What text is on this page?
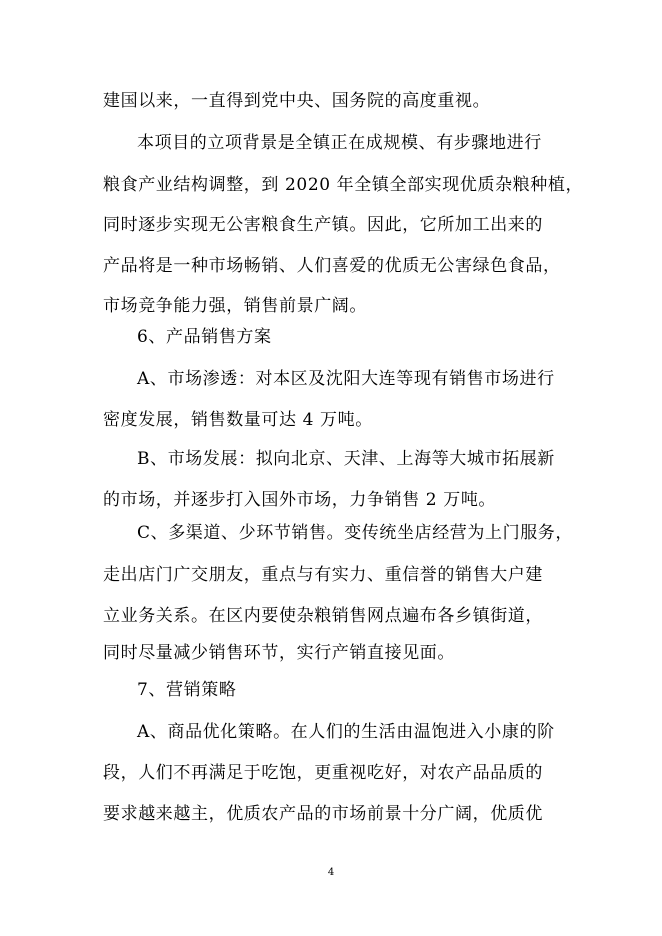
建国以来，一直得到党中央、国务院的高度重视。
本项目的立项背景是全镇正在成规模、有步骤地进行
粮食产业结构调整，到 2020 年全镇全部实现优质杂粮种植，
同时逐步实现无公害粮食生产镇。因此，它所加工出来的
产品将是一种市场畅销、人们喜爱的优质无公害绿色食品，
市场竞争能力强，销售前景广阔。
6、产品销售方案
A、市场渗透：对本区及沈阳大连等现有销售市场进行
密度发展，销售数量可达 4 万吨。
B、市场发展：拟向北京、天津、上海等大城市拓展新
的市场，并逐步打入国外市场，力争销售 2 万吨。
C、多渠道、少环节销售。变传统坐店经营为上门服务，
走出店门广交朋友，重点与有实力、重信誉的销售大户建
立业务关系。在区内要使杂粮销售网点遍布各乡镇街道，
同时尽量减少销售环节，实行产销直接见面。
7、营销策略
A、商品优化策略。在人们的生活由温饱进入小康的阶
段，人们不再满足于吃饱，更重视吃好，对农产品品质的
要求越来越主，优质农产品的市场前景十分广阔，优质优
4
